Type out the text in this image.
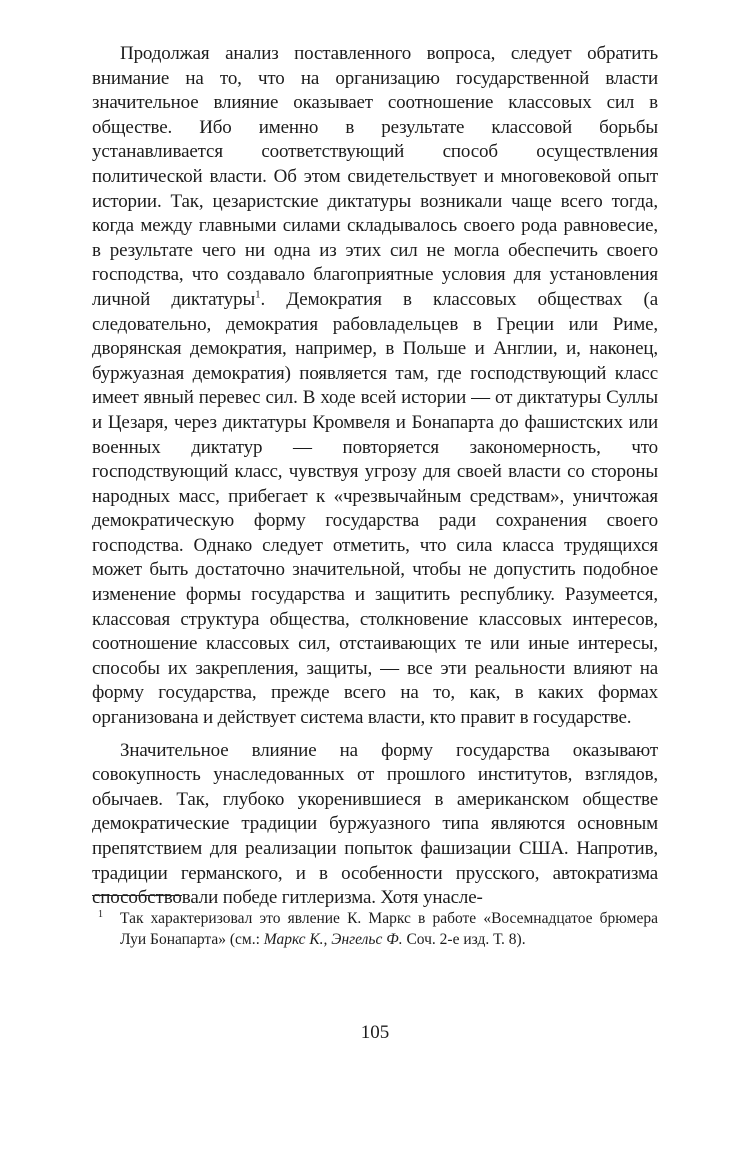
Продолжая анализ поставленного вопроса, следует обратить внимание на то, что на организацию государственной власти значительное влияние оказывает соотношение классовых сил в обществе. Ибо именно в результате классовой борьбы устанавливается соответствующий способ осуществления политической власти. Об этом свидетельствует и многовековой опыт истории. Так, цезаристские диктатуры возникали чаще всего тогда, когда между главными силами складывалось своего рода равновесие, в результате чего ни одна из этих сил не могла обеспечить своего господства, что создавало благоприятные условия для установления личной диктатуры$^1$. Демократия в классовых обществах (а следовательно, демократия рабовладельцев в Греции или Риме, дворянская демократия, например, в Польше и Англии, и, наконец, буржуазная демократия) появляется там, где господствующий класс имеет явный перевес сил. В ходе всей истории — от диктатуры Суллы и Цезаря, через диктатуры Кромвеля и Бонапарта до фашистских или военных диктатур — повторяется закономерность, что господствующий класс, чувствуя угрозу для своей власти со стороны народных масс, прибегает к «чрезвычайным средствам», уничтожая демократическую форму государства ради сохранения своего господства. Однако следует отметить, что сила класса трудящихся может быть достаточно значительной, чтобы не допустить подобное изменение формы государства и защитить республику. Разумеется, классовая структура общества, столкновение классовых интересов, соотношение классовых сил, отстаивающих те или иные интересы, способы их закрепления, защиты, — все эти реальности влияют на форму государства, прежде всего на то, как, в каких формах организована и действует система власти, кто правит в государстве.

Значительное влияние на форму государства оказывают совокупность унаследованных от прошлого институтов, взглядов, обычаев. Так, глубоко укоренившиеся в американском обществе демократические традиции буржуазного типа являются основным препятствием для реализации попыток фашизации США. Напротив, традиции германского, и в особенности прусского, автократизма способствовали победе гитлеризма. Хотя унасле-

1 Так характеризовал это явление К. Маркс в работе «Восемнадцатое брюмера Луи Бонапарта» (см.: Маркс К., Энгельс Ф. Соч. 2-е изд. Т. 8).

105
